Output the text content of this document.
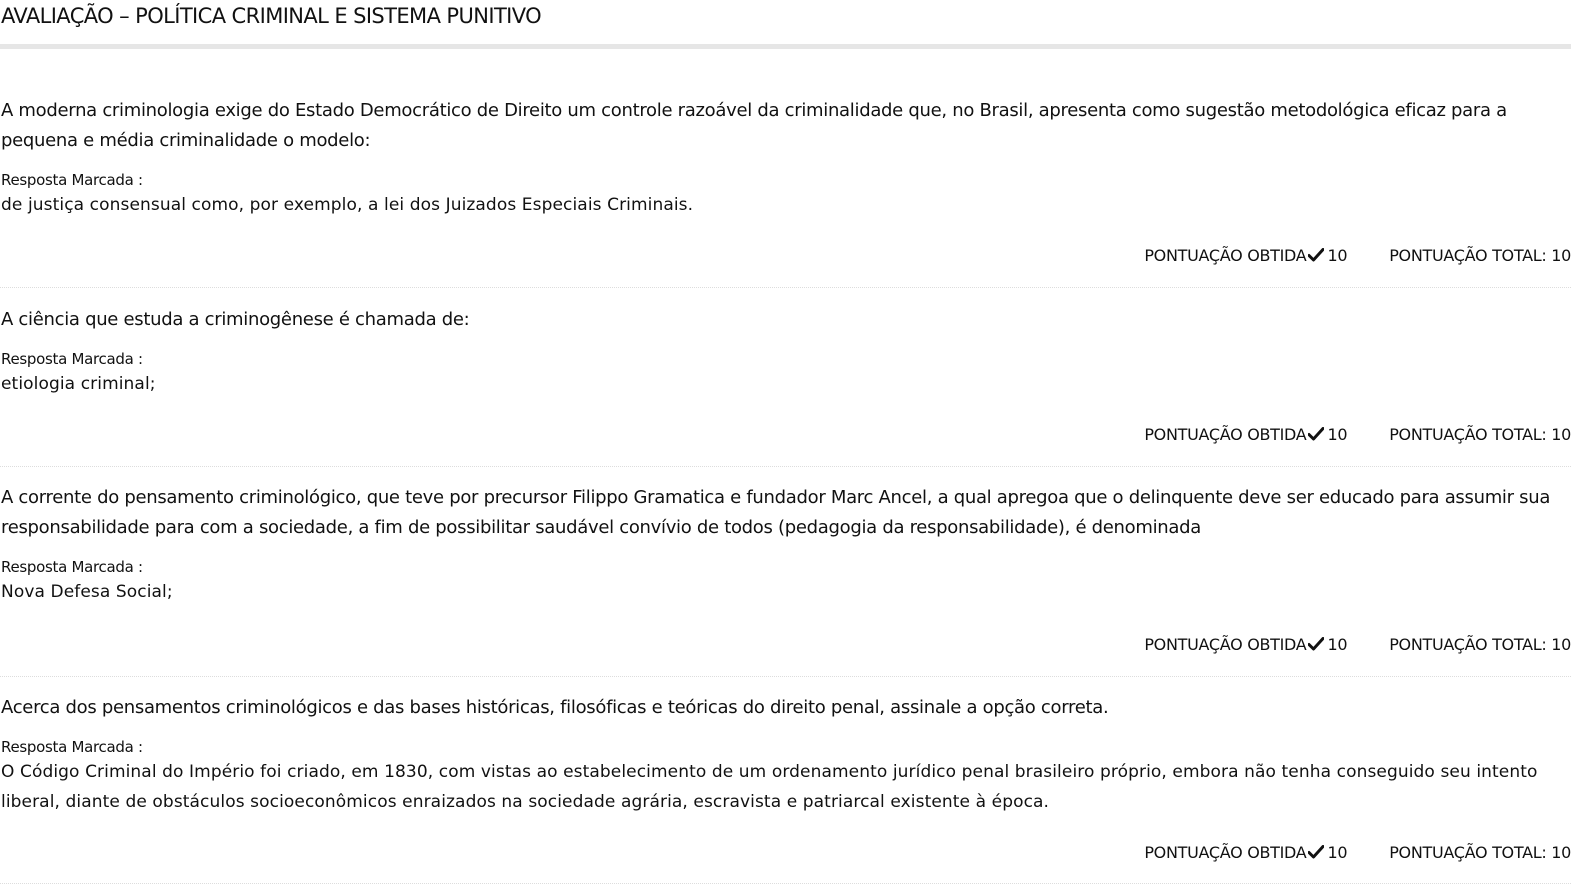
AVALIAÇÃO – POLÍTICA CRIMINAL E SISTEMA PUNITIVO

A moderna criminologia exige do Estado Democrático de Direito um controle razoável da criminalidade que, no Brasil, apresenta como sugestão metodológica eficaz para a pequena e média criminalidade o modelo:

Resposta Marcada :

de justiça consensual como, por exemplo, a lei dos Juizados Especiais Criminais.

PONTUAÇÃO OBTIDA 10	PONTUAÇÃO TOTAL: 10

A ciência que estuda a criminogênese é chamada de:

Resposta Marcada :

etiologia criminal;

PONTUAÇÃO OBTIDA 10	PONTUAÇÃO TOTAL: 10

A corrente do pensamento criminológico, que teve por precursor Filippo Gramatica e fundador Marc Ancel, a qual apregoa que o delinquente deve ser educado para assumir sua responsabilidade para com a sociedade, a fim de possibilitar saudável convívio de todos (pedagogia da responsabilidade), é denominada

Resposta Marcada :

Nova Defesa Social;

PONTUAÇÃO OBTIDA 10	PONTUAÇÃO TOTAL: 10

Acerca dos pensamentos criminológicos e das bases históricas, filosóficas e teóricas do direito penal, assinale a opção correta.

Resposta Marcada :

O Código Criminal do Império foi criado, em 1830, com vistas ao estabelecimento de um ordenamento jurídico penal brasileiro próprio, embora não tenha conseguido seu intento liberal, diante de obstáculos socioeconômicos enraizados na sociedade agrária, escravista e patriarcal existente à época.

PONTUAÇÃO OBTIDA 10	PONTUAÇÃO TOTAL: 10
